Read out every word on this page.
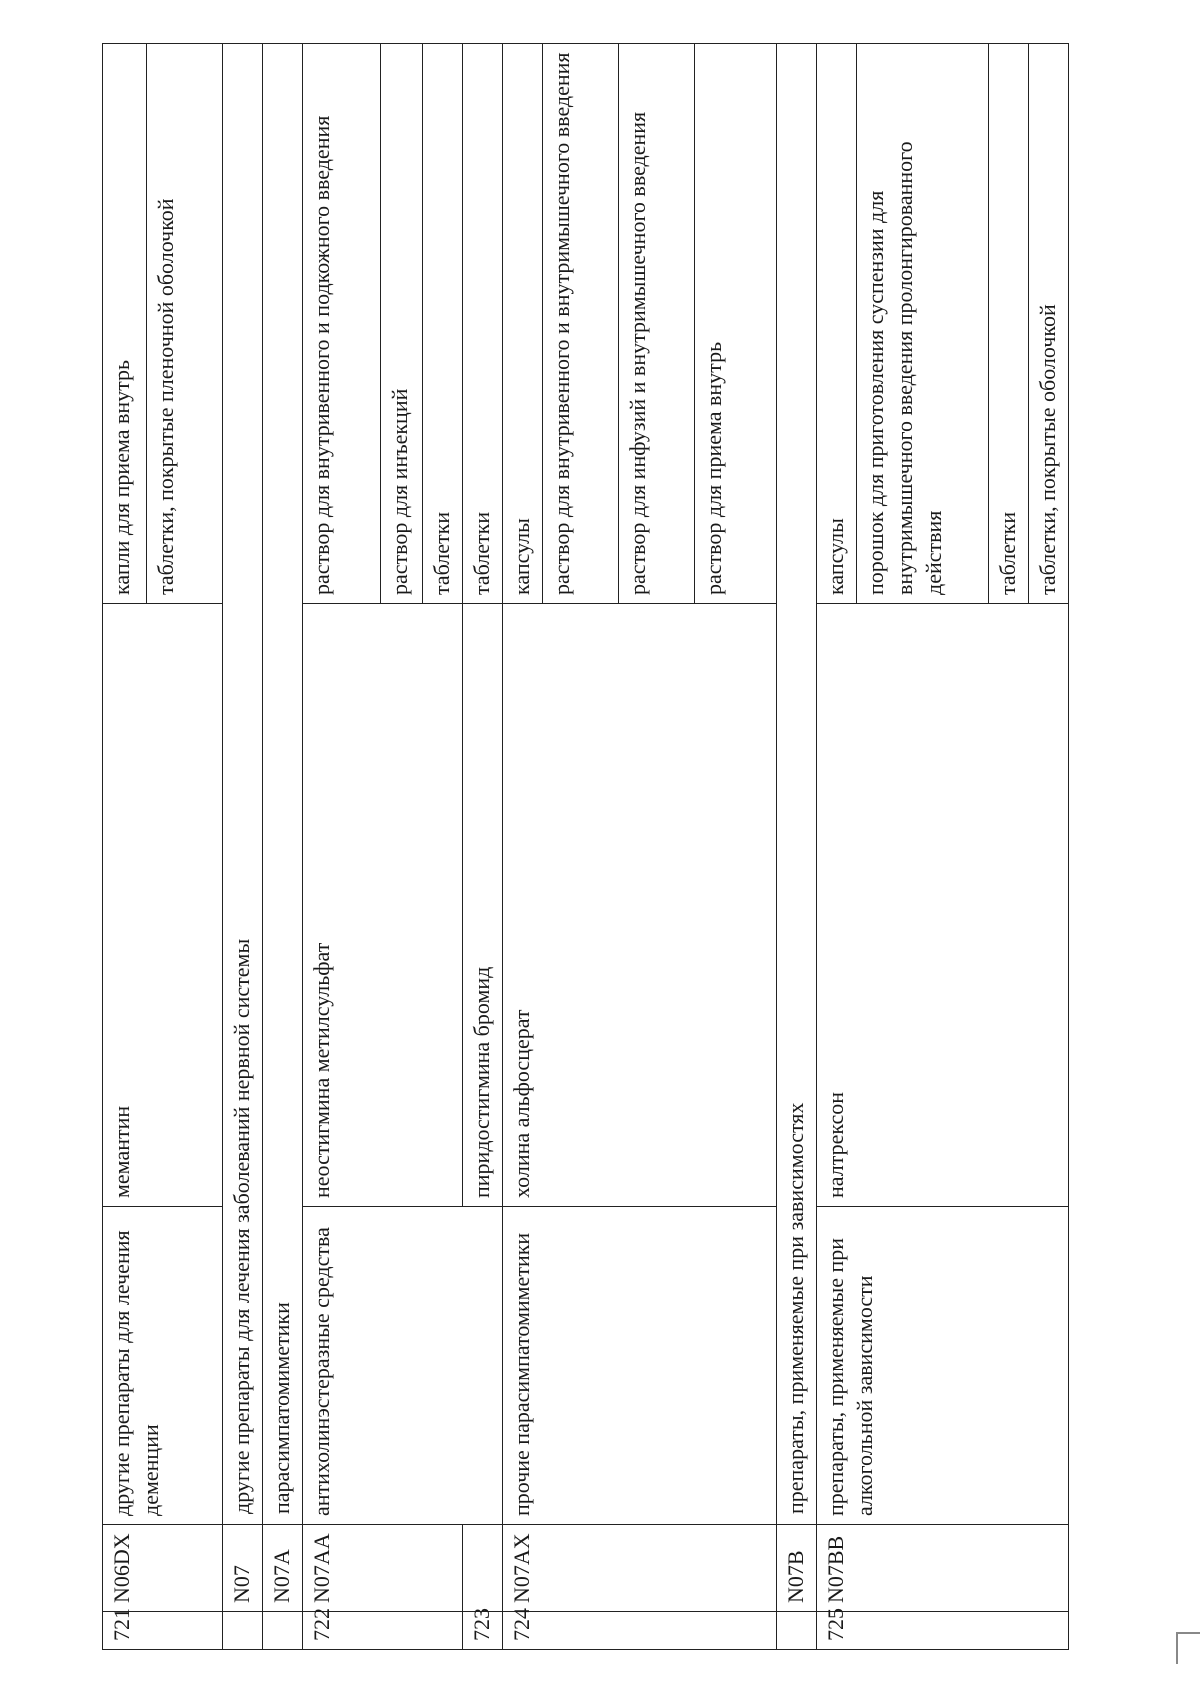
721	N06DX	другие препараты для лечения деменции	мемантин	капли для приема внутрь
				таблетки, покрытые пленочной оболочкой
	N07	другие препараты для лечения заболеваний нервной системы		
	N07A	парасимпатомиметики		
722	N07AA	антихолинэстеразные средства	неостигмина метилсульфат	раствор для внутривенного и подкожного введения
				раствор для инъекций
				таблетки
723			пиридостигмина бромид	таблетки
724	N07AX	прочие парасимпатомиметики	холина альфосцерат	капсулы
				раствор для внутривенного и внутримышечного введения
				раствор для инфузий и внутримышечного введения
				раствор для приема внутрь
	N07B	препараты, применяемые при зависимостях		
725	N07BB	препараты, применяемые при алкогольной зависимости	налтрексон	капсулы
				порошок для приготовления суспензии для внутримышечного введения пролонгированного действия
				таблетки
				таблетки, покрытые оболочкой
